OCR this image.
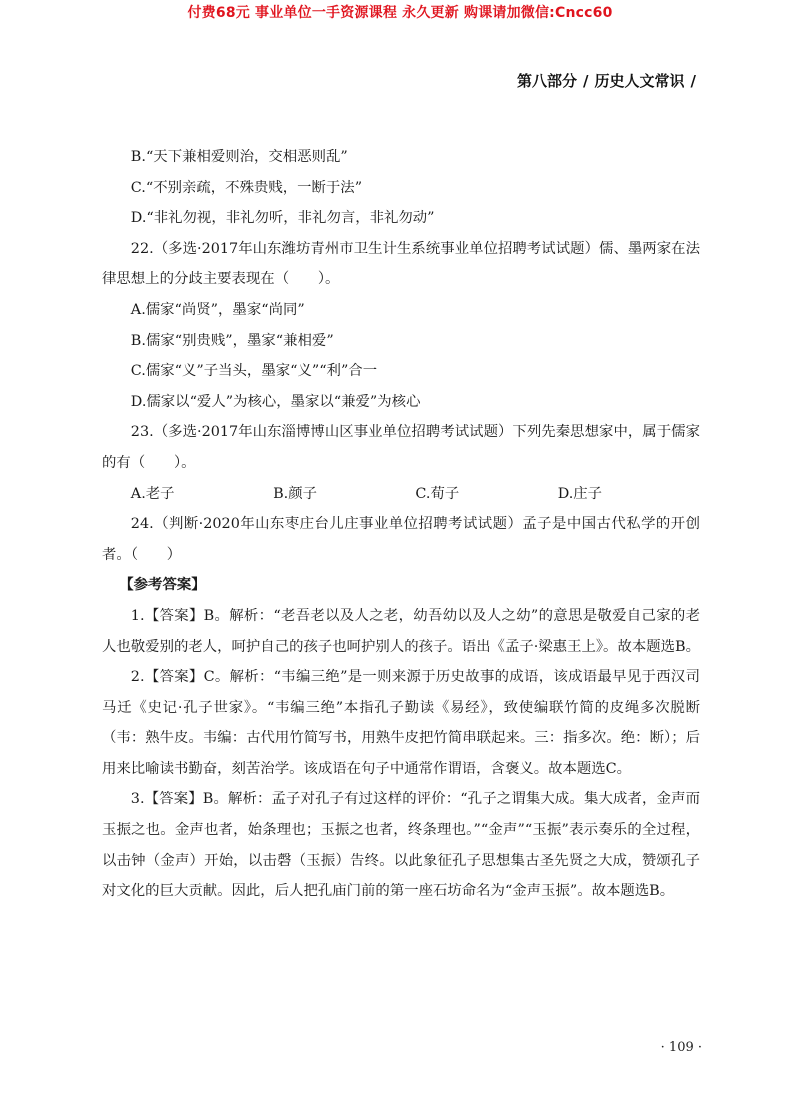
付费68元 事业单位一手资源课程 永久更新 购课请加微信:Cncc60
第八部分 / 历史人文常识 /

B.“天下兼相爱则治，交相恶则乱”

C.“不别亲疏，不殊贵贱，一断于法”

D.“非礼勿视，非礼勿听，非礼勿言，非礼勿动”

22.（多选·2017年山东潍坊青州市卫生计生系统事业单位招聘考试试题）儒、墨两家在法律思想上的分歧主要表现在（　　）。

A.儒家“尚贤”，墨家“尚同”

B.儒家“别贵贱”，墨家“兼相爱”

C.儒家“义”子当头，墨家“义”“利”合一

D.儒家以“爱人”为核心，墨家以“兼爱”为核心

23.（多选·2017年山东淄博博山区事业单位招聘考试试题）下列先秦思想家中，属于儒家的有（　　）。

A.老子	B.颜子	C.荀子	D.庄子

24.（判断·2020年山东枣庄台儿庄事业单位招聘考试试题）孟子是中国古代私学的开创者。（　　）

【参考答案】

1.【答案】B。解析：“老吾老以及人之老，幼吾幼以及人之幼”的意思是敬爱自己家的老人也敬爱别的老人，呵护自己的孩子也呵护别人的孩子。语出《孟子·梁惠王上》。故本题选B。

2.【答案】C。解析：“韦编三绝”是一则来源于历史故事的成语，该成语最早见于西汉司马迁《史记·孔子世家》。“韦编三绝”本指孔子勤读《易经》，致使编联竹简的皮绳多次脱断（韦：熟牛皮。韦编：古代用竹简写书，用熟牛皮把竹简串联起来。三：指多次。绝：断）；后用来比喻读书勤奋，刻苦治学。该成语在句子中通常作谓语，含褒义。故本题选C。

3.【答案】B。解析：孟子对孔子有过这样的评价：“孔子之谓集大成。集大成者，金声而玉振之也。金声也者，始条理也；玉振之也者，终条理也。”“金声”“玉振”表示奏乐的全过程，以击钟（金声）开始，以击磬（玉振）告终。以此象征孔子思想集古圣先贤之大成，赞颂孔子对文化的巨大贡献。因此，后人把孔庙门前的第一座石坊命名为“金声玉振”。故本题选B。

· 109 ·
